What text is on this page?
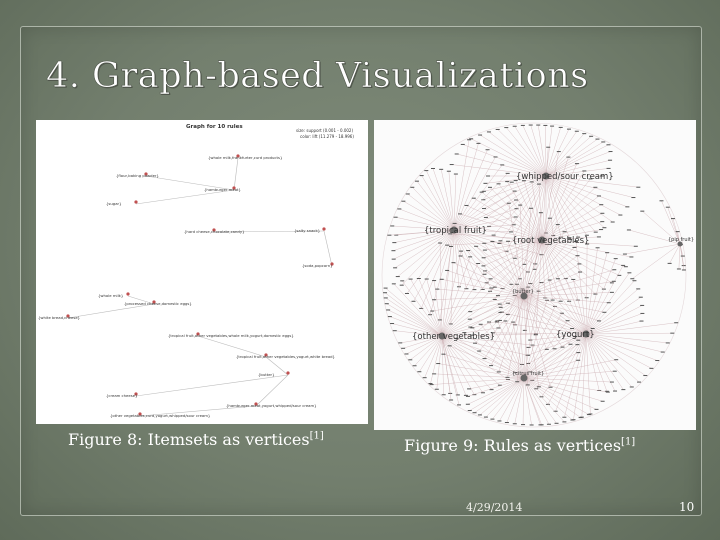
4. Graph-based Visualizations
Graph for 10 rules
size: support (0.001 - 0.002)
color: lift (11.279 - 18.996)
{whole milk,frankfurter,curd products}
{flour,baking powder}
{hamburger meat}
{sugar}
{hard cheese,chocolate,candy}	{salty snack}
{soda,popcorn}
{whole milk}
{processed cheese,domestic eggs}
{white bread,cheese}
{tropical fruit,other vegetables,whole milk,yogurt,domestic eggs}
{tropical fruit,other vegetables,yogurt,white bread}
{butter}
{cream cheese}
{hamburger meat,yogurt,whipped/sour cream}
{other vegetables,curd,yogurt,whipped/sour cream}
{whipped/sour cream}
{tropical fruit}
{root vegetables}
{other vegetables}	{yogurt}
{citrus fruit}
{butter}
{pip fruit}
Figure 8: Itemsets as vertices[1]	Figure 9: Rules as vertices[1]
4/29/2014	10
